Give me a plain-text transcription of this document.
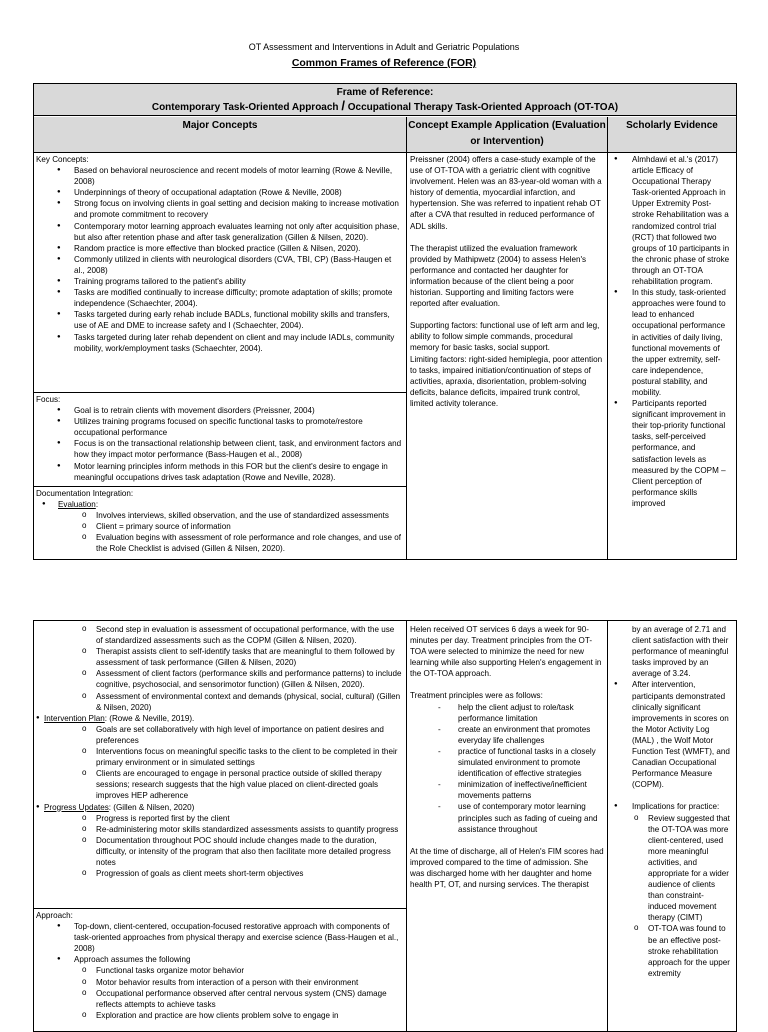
OT Assessment and Interventions in Adult and Geriatric Populations
Common Frames of Reference (FOR)
Frame of Reference:
Contemporary Task-Oriented Approach / Occupational Therapy Task-Oriented Approach (OT-TOA)
Major Concepts	Concept Example Application (Evaluation or Intervention)
Scholarly Evidence

Key Concepts:

● Based on behavioral neuroscience and recent models of motor learning (Rowe & Neville, 2008)
● Underpinnings of theory of occupational adaptation (Rowe & Neville, 2008)
● Strong focus on involving clients in goal setting and decision making to increase motivation and promote commitment to recovery
● Contemporary motor learning approach evaluates learning not only after acquisition phase, but also after retention phase and after task generalization (Gillen & Nilsen, 2020).
● Random practice is more effective than blocked practice (Gillen & Nilsen, 2020).
● Commonly utilized in clients with neurological disorders (CVA, TBI, CP) (Bass-Haugen et al., 2008)
● Training programs tailored to the patient's ability
● Tasks are modified continually to increase difficulty; promote adaptation of skills; promote independence (Schaechter, 2004).
● Tasks targeted during early rehab include BADLs, functional mobility skills and transfers, use of AE and DME to increase safety and I (Schaechter, 2004).
● Tasks targeted during later rehab dependent on client and may include IADLs, community mobility, work/employment tasks (Schaechter, 2004).

Focus:

● Goal is to retrain clients with movement disorders (Preissner, 2004)
● Utilizes training programs focused on specific functional tasks to promote/restore occupational performance
● Focus is on the transactional relationship between client, task, and environment factors and how they impact motor performance (Bass-Haugen et al., 2008)
● Motor learning principles inform methods in this FOR but the client's desire to engage in meaningful occupations drives task adaptation (Rowe and Neville, 2028).

Documentation Integration:

● Evaluation:
o Involves interviews, skilled observation, and the use of standardized assessments
o Client = primary source of information
o Evaluation begins with assessment of role performance and role changes, and use of the Role Checklist is advised (Gillen & Nilsen, 2020).

Preissner (2004) offers a case-study example of the use of OT-TOA with a geriatric client with cognitive involvement. Helen was an 83-year-old woman with a history of dementia, myocardial infarction, and hypertension. She was referred to inpatient rehab OT after a CVA that resulted in reduced performance of ADL skills.

The therapist utilized the evaluation framework provided by Mathipwetz (2004) to assess Helen's performance and contacted her daughter for information because of the client being a poor historian. Supporting and limiting factors were reported after evaluation.

Supporting factors: functional use of left arm and leg, ability to follow simple commands, procedural memory for basic tasks, social support.

Limiting factors: right-sided hemiplegia, poor attention to tasks, impaired initiation/continuation of steps of activities, apraxia, disorientation, problem-solving deficits, balance deficits, impaired trunk control, limited activity tolerance.

● Almhdawi et al.'s (2017) article Efficacy of Occupational Therapy Task-oriented Approach in Upper Extremity Post-stroke Rehabilitation was a randomized control trial (RCT) that followed two groups of 10 participants in the chronic phase of stroke through an OT-TOA rehabilitation program.
● In this study, task-oriented approaches were found to lead to enhanced occupational performance in activities of daily living, functional movements of the upper extremity, self-care independence, postural stability, and mobility.
● Participants reported significant improvement in their top-priority functional tasks, self-perceived performance, and satisfaction levels as measured by the COPM – Client perception of performance skills improved
o Second step in evaluation is assessment of occupational performance, with the use of standardized assessments such as the COPM (Gillen & Nilsen, 2020).
o Therapist assists client to self-identify tasks that are meaningful to them followed by assessment of task performance (Gillen & Nilsen, 2020)
o Assessment of client factors (performance skills and performance patterns) to include cognitive, psychosocial, and sensorimotor function) (Gillen & Nilsen, 2020).
o Assessment of environmental context and demands (physical, social, cultural) (Gillen & Nilsen, 2020)
● Intervention Plan: (Rowe & Neville, 2019).
o Goals are set collaboratively with high level of importance on patient desires and preferences
o Interventions focus on meaningful specific tasks to the client to be completed in their primary environment or in simulated settings
o Clients are encouraged to engage in personal practice outside of skilled therapy sessions; research suggests that the high value placed on client-directed goals improves HEP adherence
● Progress Updates: (Gillen & Nilsen, 2020)
o Progress is reported first by the client
o Re-administering motor skills standardized assessments assists to quantify progress
o Documentation throughout POC should include changes made to the duration, difficulty, or intensity of the program that also then facilitate more detailed progress notes
o Progression of goals as client meets short-term objectives

Approach:

● Top-down, client-centered, occupation-focused restorative approach with components of task-oriented approaches from physical therapy and exercise science (Bass-Haugen et al., 2008)
● Approach assumes the following
o Functional tasks organize motor behavior
o Motor behavior results from interaction of a person with their environment
o Occupational performance observed after central nervous system (CNS) damage reflects attempts to achieve tasks
o Exploration and practice are how clients problem solve to engage in

Helen received OT services 6 days a week for 90-minutes per day. Treatment principles from the OT-TOA were selected to minimize the need for new learning while also supporting Helen's engagement in the OT-TOA approach.

Treatment principles were as follows:

- help the client adjust to role/task performance limitation
- create an environment that promotes everyday life challenges
- practice of functional tasks in a closely simulated environment to promote identification of effective strategies
- minimization of ineffective/inefficient movements patterns
- use of contemporary motor learning principles such as fading of cueing and assistance throughout

At the time of discharge, all of Helen's FIM scores had improved compared to the time of admission. She was discharged home with her daughter and home health PT, OT, and nursing services. The therapist

by an average of 2.71 and client satisfaction with their performance of meaningful tasks improved by an average of 3.24.

● After intervention, participants demonstrated clinically significant improvements in scores on the Motor Activity Log (MAL) , the Wolf Motor Function Test (WMFT), and Canadian Occupational Performance Measure (COPM).
● Implications for practice:
o Review suggested that the OT-TOA was more client-centered, used more meaningful activities, and appropriate for a wider audience of clients than constraint-induced movement therapy (CIMT)
o OT-TOA was found to be an effective post-stroke rehabilitation approach for the upper extremity
